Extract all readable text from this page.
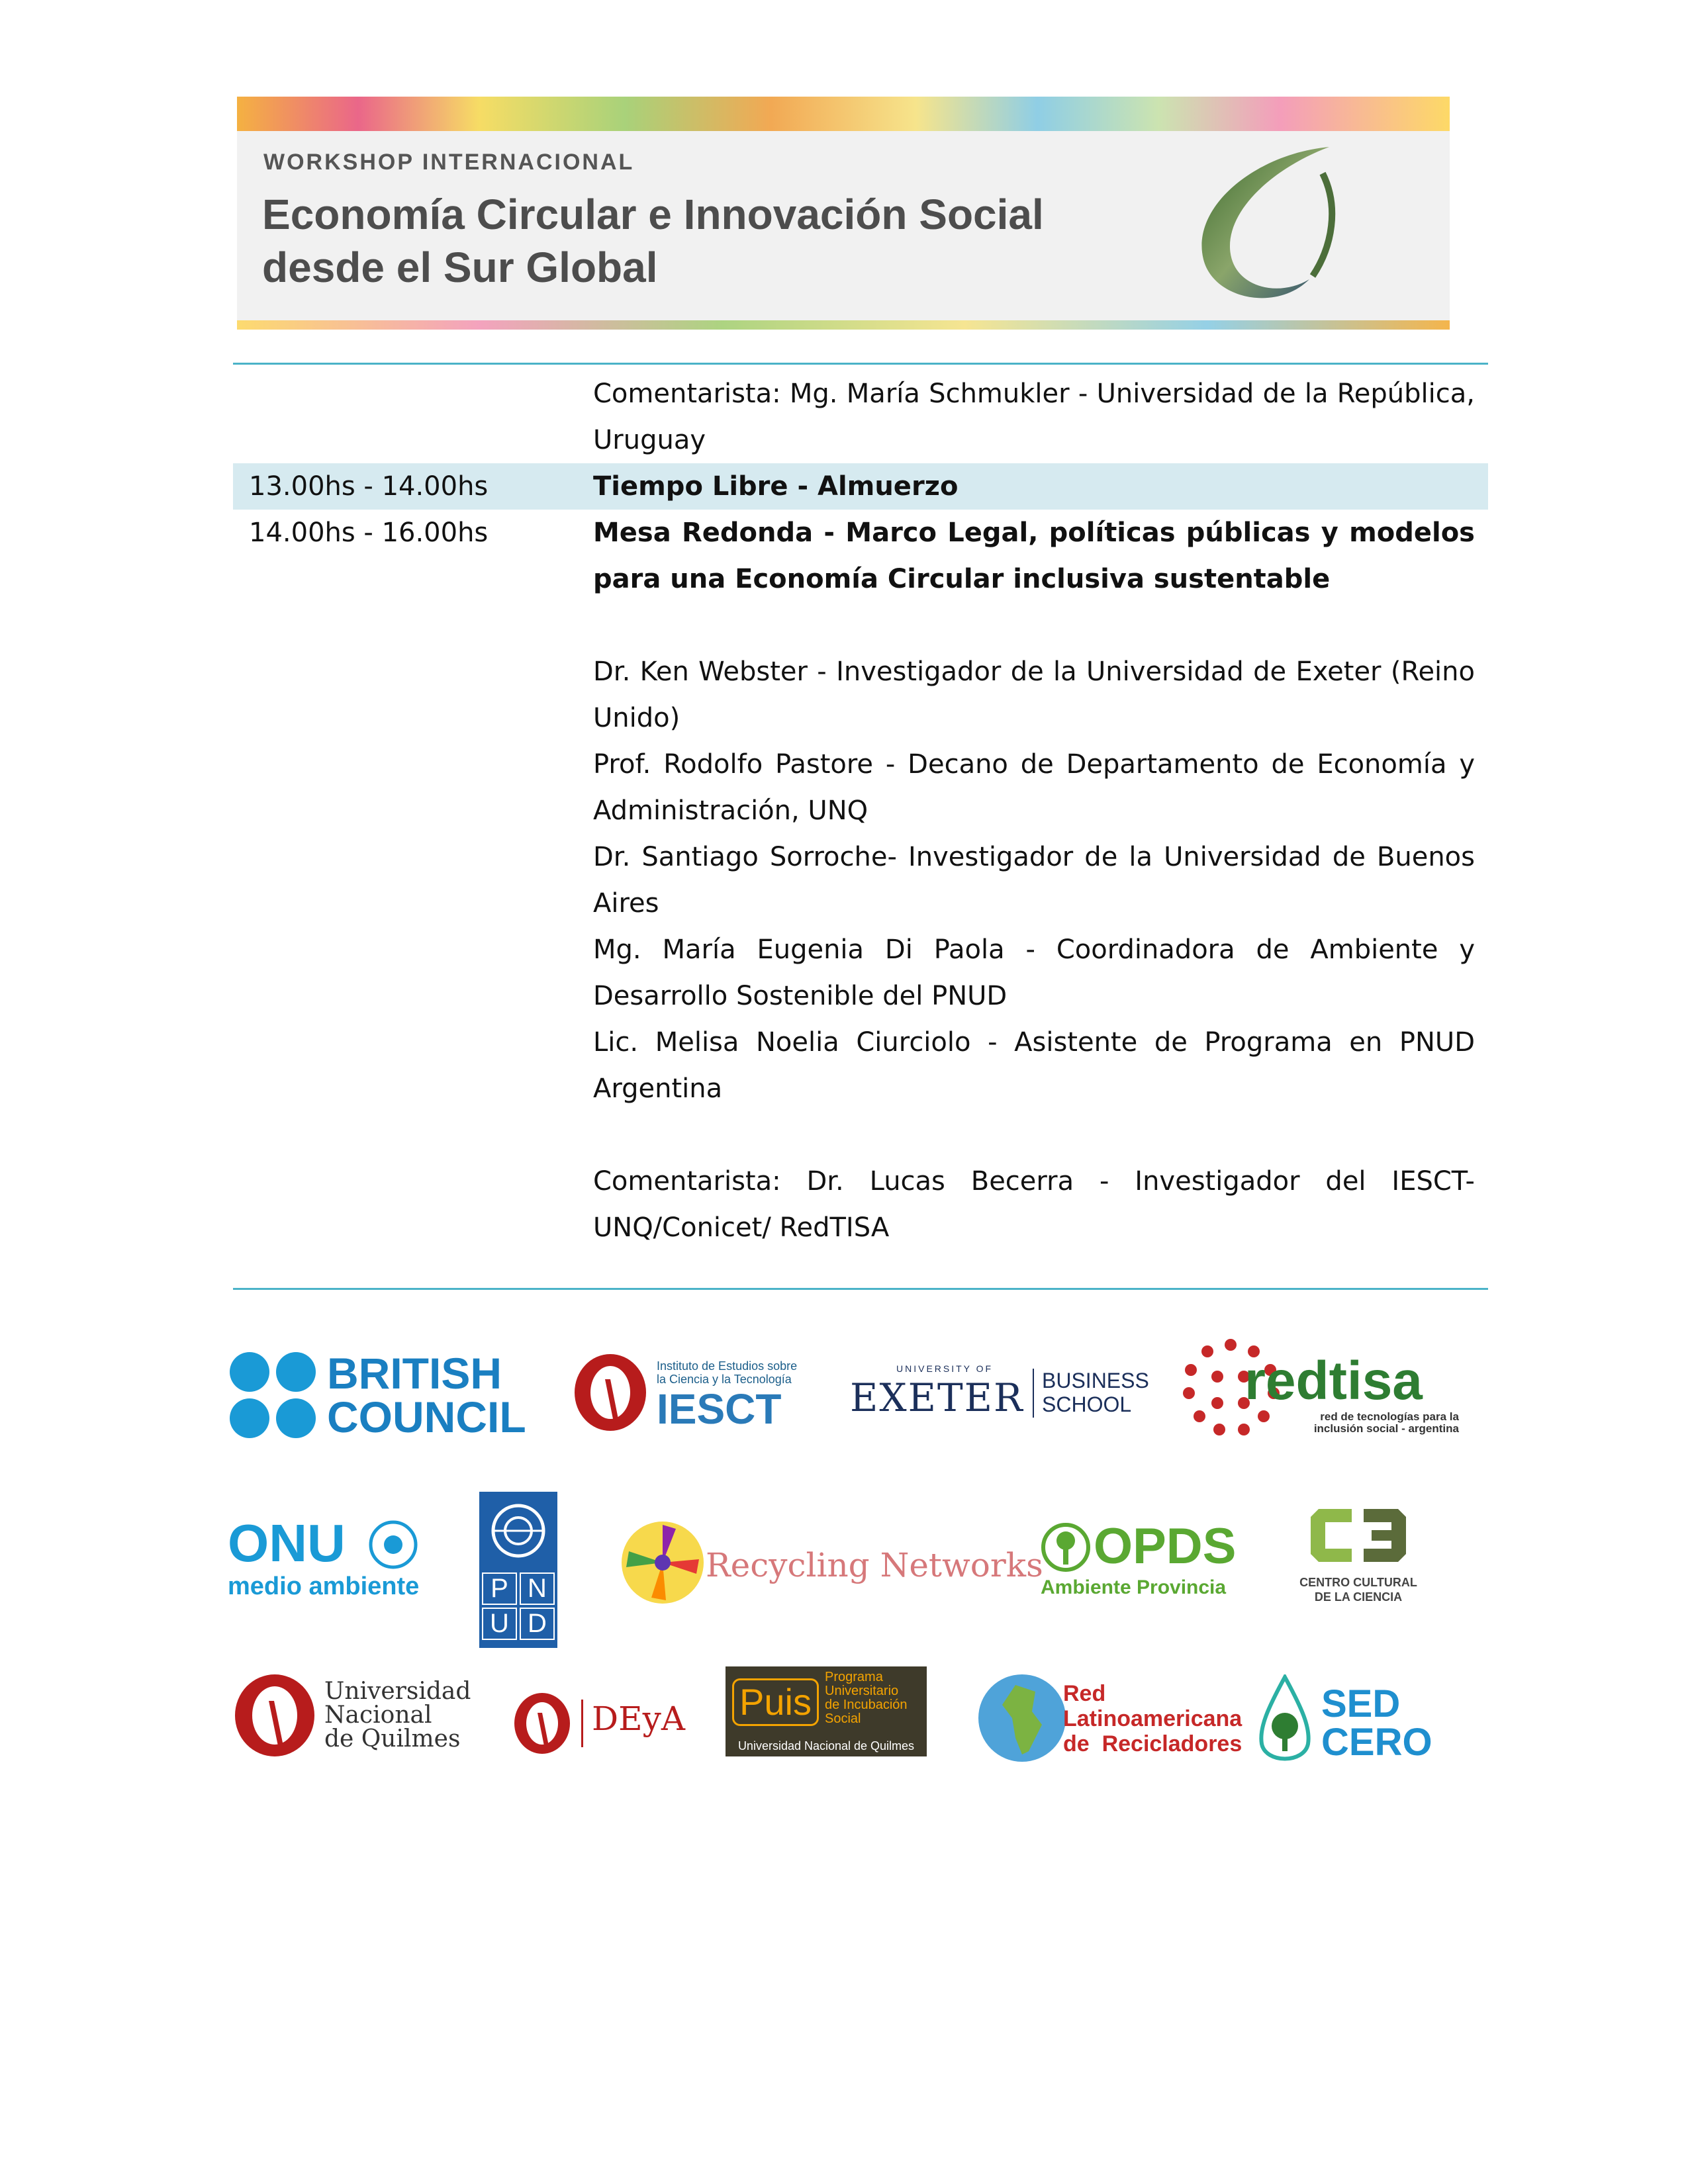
WORKSHOP INTERNACIONAL
Economía Circular e Innovación Social
desde el Sur Global
Comentarista: Mg. María Schmukler - Universidad de la República, Uruguay
13.00hs - 14.00hs	Tiempo Libre - Almuerzo
14.00hs - 16.00hs	Mesa Redonda - Marco Legal, políticas públicas y modelos para una Economía Circular inclusiva sustentable
Dr. Ken Webster - Investigador de la Universidad de Exeter (Reino Unido)
Prof. Rodolfo Pastore - Decano de Departamento de Economía y Administración, UNQ
Dr. Santiago Sorroche- Investigador de la Universidad de Buenos Aires
Mg. María Eugenia Di Paola - Coordinadora de Ambiente y Desarrollo Sostenible del PNUD
Lic. Melisa Noelia Ciurciolo - Asistente de Programa en PNUD Argentina
Comentarista: Dr. Lucas Becerra - Investigador del IESCT-UNQ/Conicet/ RedTISA
BRITISH
COUNCIL
Instituto de Estudios sobre
la Ciencia y la Tecnología
IESCT
UNIVERSITY OF
EXETER BUSINESS
SCHOOL	redtisa
red de tecnologías para la
inclusión social - argentina
ONU
medio ambiente	P N
U D
Recycling Networks OPDS
Ambiente Provincia	CENTRO CULTURAL
DE LA CIENCIA
Universidad
Nacional
de Quilmes
DEyA Puis
Programa
Universitario
de Incubación
Social
Universidad Nacional de Quilmes
Red
Latinoamericana
de  Recicladores
SED
CERO
